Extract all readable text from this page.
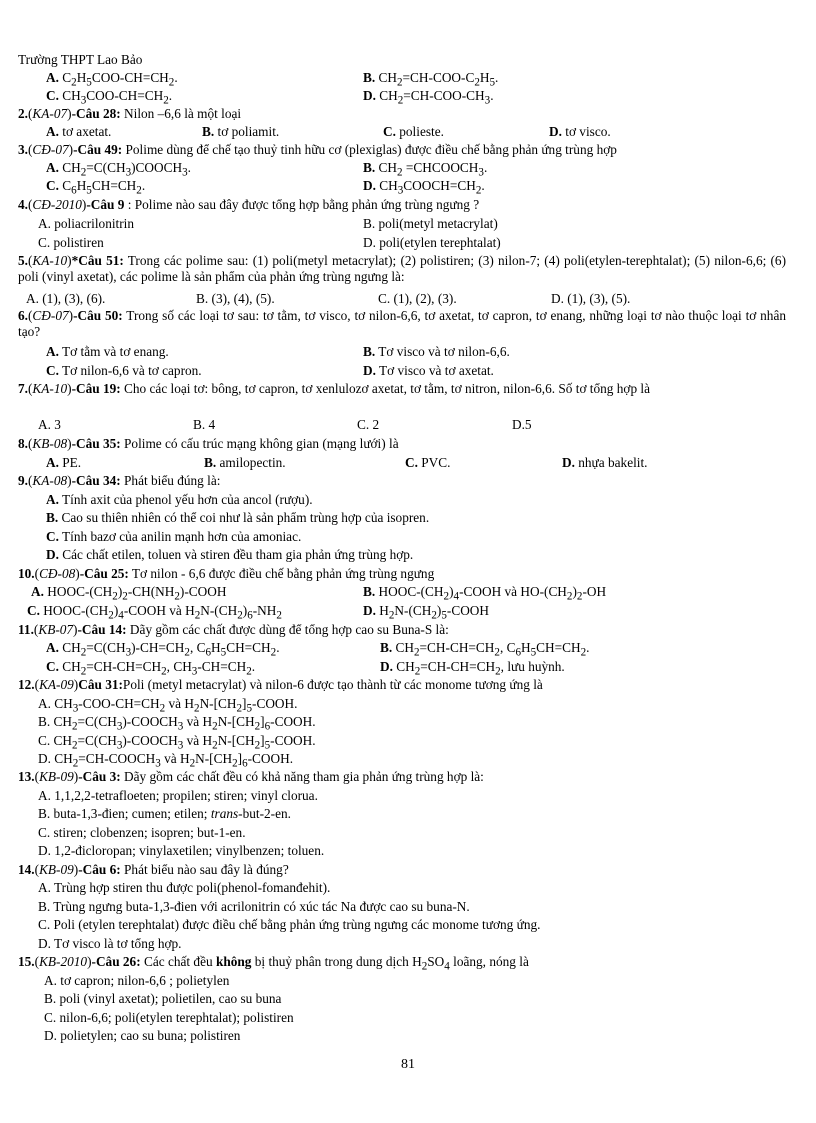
Trường THPT Lao Bảo
A. $C_2H_5COO-CH=CH_2$.	B. $CH_2=CH-COO-C_2H_5$.
C. $CH_3COO-CH=CH_2$.	D. $CH_2=CH-COO-CH_3$.
2.(KA-07)-Câu 28: Nilon –6,6 là một loại
A. tơ axetat.	B. tơ poliamit.	C. polieste.	D. tơ visco.
3.(CĐ-07)-Câu 49: Polime dùng để chế tạo thuỷ tinh hữu cơ (plexiglas) được điều chế bằng phản ứng trùng hợp
A. $CH_2=C(CH_3)COOCH_3$.	B. $CH_2$ $=CHCOOCH_3$.
C. $C_6H_5CH=CH_2$.	D. $CH_3COOCH=CH_2$.
4.(CĐ-2010)-Câu 9 : Polime nào sau đây được tổng hợp bằng phản ứng trùng ngưng ?
A. poliacrilonitrin	B. poli(metyl metacrylat)
C. polistiren	D. poli(etylen terephtalat)
5.(KA-10)*Câu 51: Trong các polime sau: (1) poli(metyl metacrylat); (2) polistiren; (3) nilon-7; (4) poli(etylen-terephtalat); (5) nilon-6,6; (6) poli (vinyl axetat), các polime là sản phẩm của phản ứng trùng ngưng là:
A. (1), (3), (6).	B. (3), (4), (5).	C. (1), (2), (3).	D. (1), (3), (5).
6.(CĐ-07)-Câu 50: Trong số các loại tơ sau: tơ tằm, tơ visco, tơ nilon-6,6, tơ axetat, tơ capron, tơ enang, những loại tơ nào thuộc loại tơ nhân tạo?
A. Tơ tằm và tơ enang.	B. Tơ visco và tơ nilon-6,6.
C. Tơ nilon-6,6 và tơ capron.	D. Tơ visco và tơ axetat.
7.(KA-10)-Câu 19: Cho các loại tơ: bông, tơ capron, tơ xenlulozơ axetat, tơ tằm, tơ nitron, nilon-6,6. Số tơ tổng hợp là
A. 3	B. 4	C. 2	D.5
8.(KB-08)-Câu 35: Polime có cấu trúc mạng không gian (mạng lưới) là
A. PE.	B. amilopectin.	C. PVC.	D. nhựa bakelit.
9.(KA-08)-Câu 34: Phát biểu đúng là:
A. Tính axit của phenol yếu hơn của ancol (rượu).
B. Cao su thiên nhiên có thể coi như là sản phẩm trùng hợp của isopren.
C. Tính bazơ của anilin mạnh hơn của amoniac.
D. Các chất etilen, toluen và stiren đều tham gia phản ứng trùng hợp.
10.(CĐ-08)-Câu 25: Tơ nilon - 6,6 được điều chế bằng phản ứng trùng ngưng
A. HOOC-$(CH_2)_2-CH(NH_2)$-COOH	B. HOOC-$(CH_2)_4$-COOH và $HO-(CH_2)_2-OH$
C. HOOC-$(CH_2)_4$-COOH và $H_2N-(CH_2)_6-NH_2$	D. $H_2N-(CH_2)_5$-COOH
11.(KB-07)-Câu 14: Dãy gồm các chất được dùng để tổng hợp cao su Buna-S là:
A. $CH_2=C(CH_3)-CH=CH_2$, $C_6H_5CH=CH_2$.	B. $CH_2=CH-CH=CH_2$, $C_6H_5CH=CH_2$.
C. $CH_2=CH-CH=CH_2$, $CH_3-CH=CH_2$.	D. $CH_2=CH-CH=CH_2$, lưu huỳnh.
12.(KA-09)Câu 31:Poli (metyl metacrylat) và nilon-6 được tạo thành từ các monome tương ứng là
A. $CH_3-COO-CH=CH_2$ và $H_2N-[CH_2]_5$-COOH.
B. $CH_2=C(CH_3)-COOCH_3$ và $H_2N-[CH_2]_6$-COOH.
C. $CH_2=C(CH_3)-COOCH_3$ và $H_2N-[CH_2]_5$-COOH.
D. $CH_2=CH-COOCH_3$ và $H_2N-[CH_2]_6$-COOH.
13.(KB-09)-Câu 3: Dãy gồm các chất đều có khả năng tham gia phản ứng trùng hợp là:
A. 1,1,2,2-tetrafloeten; propilen; stiren; vinyl clorua.
B. buta-1,3-đien; cumen; etilen; trans-but-2-en.
C. stiren; clobenzen; isopren; but-1-en.
D. 1,2-đicloropan; vinylaxetilen; vinylbenzen; toluen.
14.(KB-09)-Câu 6: Phát biểu nào sau đây là đúng?
A. Trùng hợp stiren thu được poli(phenol-fomanđehit).
B. Trùng ngưng buta-1,3-đien với acrilonitrin có xúc tác Na được cao su buna-N.
C. Poli (etylen terephtalat) được điều chế bằng phản ứng trùng ngưng các monome tương ứng.
D. Tơ visco là tơ tổng hợp.
15.(KB-2010)-Câu 26: Các chất đều không bị thuỷ phân trong dung dịch $H_2SO_4$ loãng, nóng là
A. tơ capron; nilon-6,6 ; polietylen
B. poli (vinyl axetat); polietilen, cao su buna
C. nilon-6,6; poli(etylen terephtalat); polistiren
D. polietylen; cao su buna; polistiren
81
